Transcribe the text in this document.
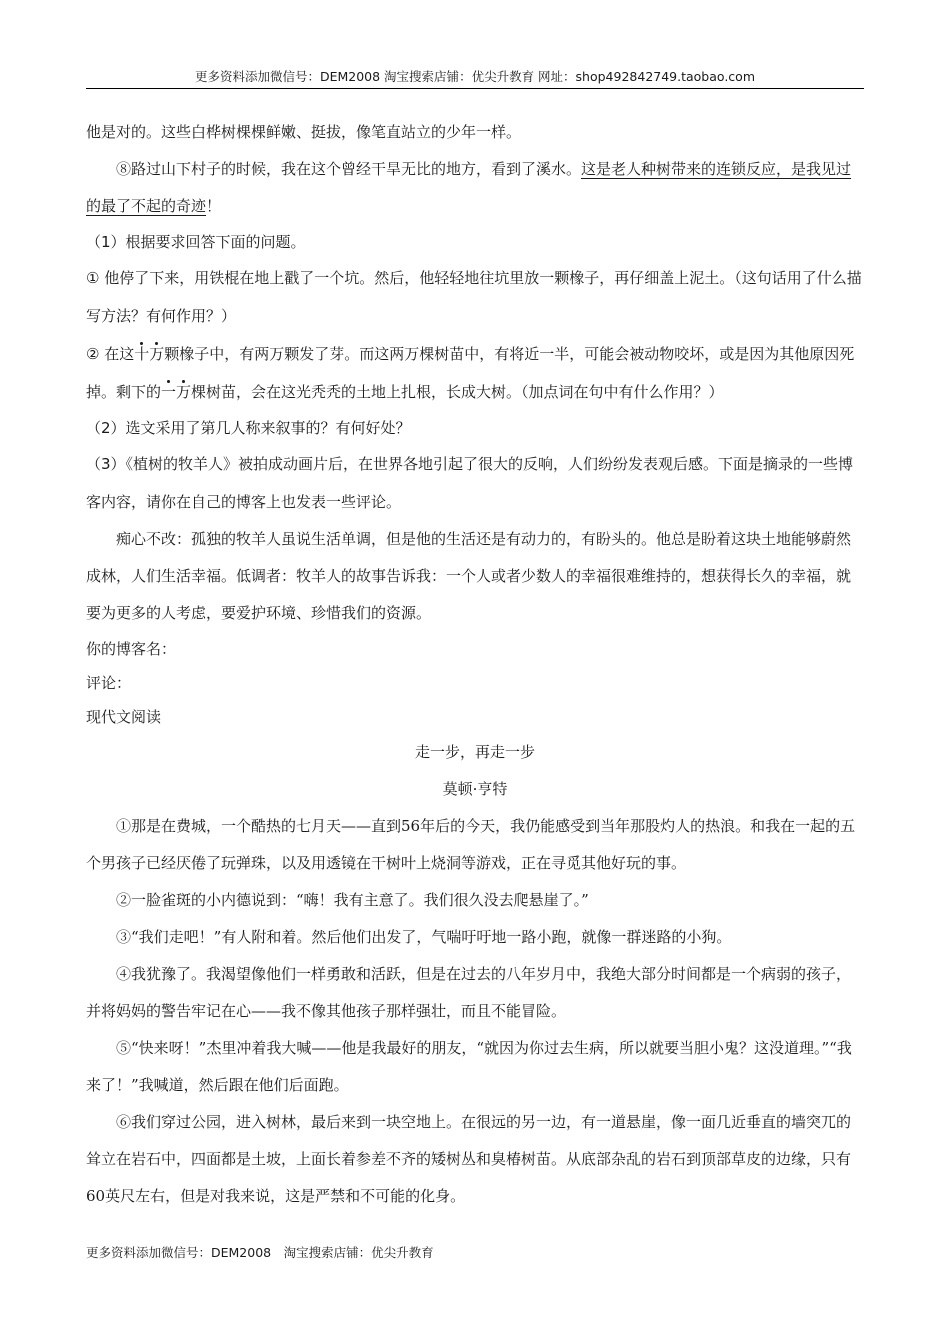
更多资料添加微信号：DEM2008 淘宝搜索店铺：优尖升教育 网址：shop492842749.taobao.com

他是对的。这些白桦树棵棵鲜嫩、挺拔，像笔直站立的少年一样。

⑧路过山下村子的时候，我在这个曾经干旱无比的地方，看到了溪水。这是老人种树带来的连锁反应，是我见过的最了不起的奇迹！

（1）根据要求回答下面的问题。

① 他停了下来，用铁棍在地上戳了一个坑。然后，他轻轻地往坑里放一颗橡子，再仔细盖上泥土。（这句话用了什么描写方法？有何作用？）

② 在这十万颗橡子中，有两万颗发了芽。而这两万棵树苗中，有将近一半，可能会被动物咬坏，或是因为其他原因死掉。剩下的一万棵树苗，会在这光秃秃的土地上扎根，长成大树。（加点词在句中有什么作用？）

（2）选文采用了第几人称来叙事的？有何好处？

（3）《植树的牧羊人》被拍成动画片后，在世界各地引起了很大的反响，人们纷纷发表观后感。下面是摘录的一些博客内容，请你在自己的博客上也发表一些评论。

痴心不改：孤独的牧羊人虽说生活单调，但是他的生活还是有动力的，有盼头的。他总是盼着这块土地能够蔚然成林，人们生活幸福。低调者：牧羊人的故事告诉我：一个人或者少数人的幸福很难维持的，想获得长久的幸福，就要为更多的人考虑，要爱护环境、珍惜我们的资源。

你的博客名：

评论：

现代文阅读

走一步，再走一步

莫顿·亨特

①那是在费城，一个酷热的七月天——直到56年后的今天，我仍能感受到当年那股灼人的热浪。和我在一起的五个男孩子已经厌倦了玩弹珠，以及用透镜在干树叶上烧洞等游戏，正在寻觅其他好玩的事。

②一脸雀斑的小内德说到：“嗨！我有主意了。我们很久没去爬悬崖了。”

③“我们走吧！”有人附和着。然后他们出发了，气喘吁吁地一路小跑，就像一群迷路的小狗。

④我犹豫了。我渴望像他们一样勇敢和活跃，但是在过去的八年岁月中，我绝大部分时间都是一个病弱的孩子，并将妈妈的警告牢记在心——我不像其他孩子那样强壮，而且不能冒险。

⑤“快来呀！”杰里冲着我大喊——他是我最好的朋友，“就因为你过去生病，所以就要当胆小鬼？这没道理。”“我来了！”我喊道，然后跟在他们后面跑。

⑥我们穿过公园，进入树林，最后来到一块空地上。在很远的另一边，有一道悬崖，像一面几近垂直的墙突兀的耸立在岩石中，四面都是土坡，上面长着参差不齐的矮树丛和臭椿树苗。从底部杂乱的岩石到顶部草皮的边缘，只有60英尺左右，但是对我来说，这是严禁和不可能的化身。

更多资料添加微信号：DEM2008　淘宝搜索店铺：优尖升教育
